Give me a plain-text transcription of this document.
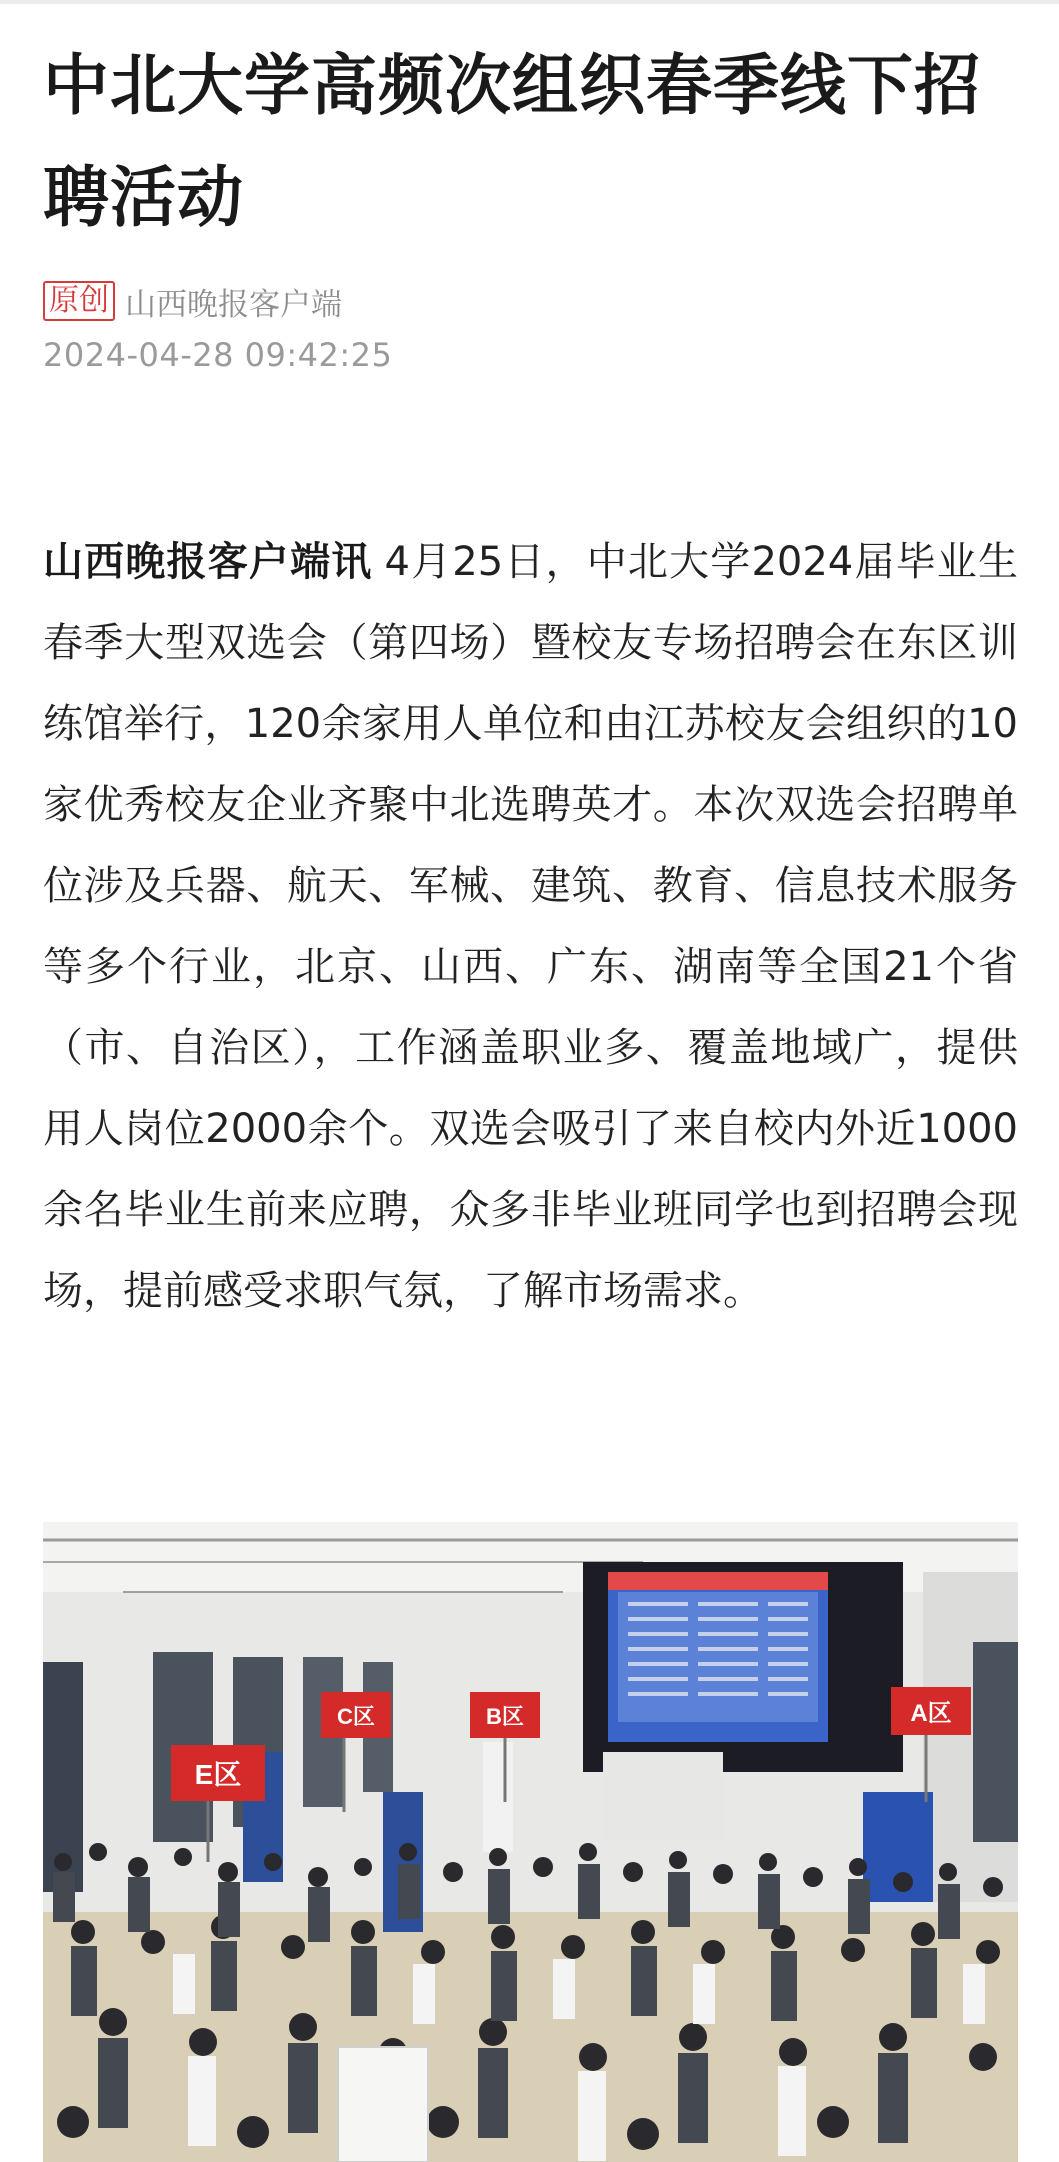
中北大学高频次组织春季线下招聘活动
原创 山西晚报客户端
2024-04-28 09:42:25

山西晚报客户端讯 4月25日，中北大学2024届毕业生春季大型双选会（第四场）暨校友专场招聘会在东区训练馆举行，120余家用人单位和由江苏校友会组织的10家优秀校友企业齐聚中北选聘英才。本次双选会招聘单位涉及兵器、航天、军械、建筑、教育、信息技术服务等多个行业，北京、山西、广东、湖南等全国21个省（市、自治区），工作涵盖职业多、覆盖地域广，提供用人岗位2000余个。双选会吸引了来自校内外近1000余名毕业生前来应聘，众多非毕业班同学也到招聘会现场，提前感受求职气氛，了解市场需求。

C区	B区
E区
A区
